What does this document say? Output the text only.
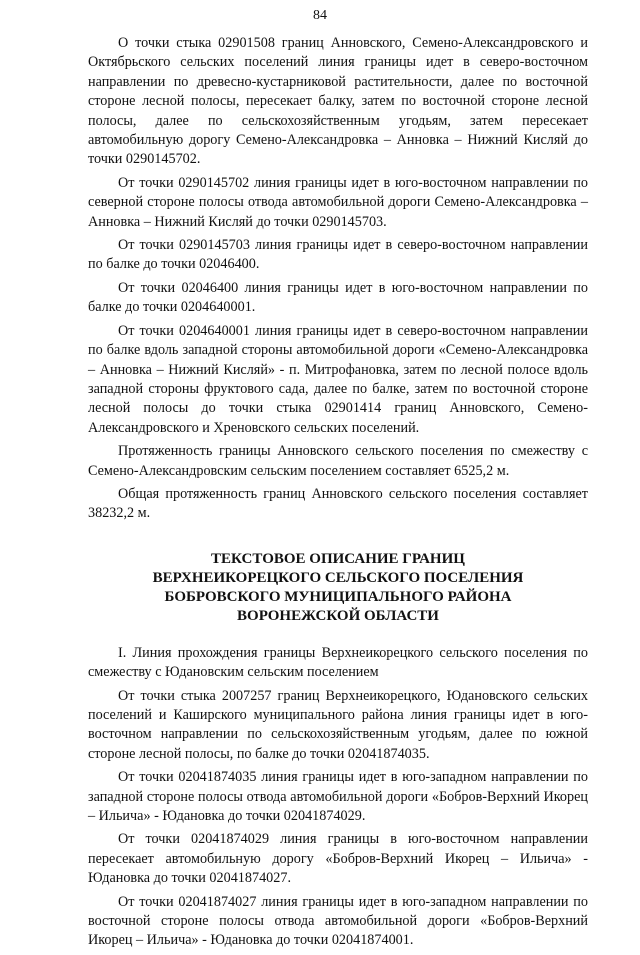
84

О точки стыка 02901508 границ Анновского, Семено-Александровского и Октябрьского сельских поселений линия границы идет в северо-восточном направлении по древесно-кустарниковой растительности, далее по восточной стороне лесной полосы, пересекает балку, затем по восточной стороне лесной полосы, далее по сельскохозяйственным угодьям, затем пересекает автомобильную дорогу Семено-Александровка – Анновка – Нижний Кисляй до точки 0290145702.

От точки 0290145702 линия границы идет в юго-восточном направлении по северной стороне полосы отвода автомобильной дороги Семено-Александровка – Анновка – Нижний Кисляй до точки 0290145703.

От точки 0290145703 линия границы идет в северо-восточном направлении по балке до точки 02046400.

От точки 02046400 линия границы идет в юго-восточном направлении по балке до точки 0204640001.

От точки 0204640001 линия границы идет в северо-восточном направлении по балке вдоль западной стороны автомобильной дороги «Семено-Александровка – Анновка – Нижний Кисляй» - п. Митрофановка, затем по лесной полосе вдоль западной стороны фруктового сада, далее по балке, затем по восточной стороне лесной полосы до точки стыка 02901414 границ Анновского, Семено-Александровского и Хреновского сельских поселений.

Протяженность границы Анновского сельского поселения по смежеству с Семено-Александровским сельским поселением составляет 6525,2 м.

Общая протяженность границ Анновского сельского поселения составляет 38232,2 м.

ТЕКСТОВОЕ ОПИСАНИЕ ГРАНИЦ
ВЕРХНЕИКОРЕЦКОГО СЕЛЬСКОГО ПОСЕЛЕНИЯ
БОБРОВСКОГО МУНИЦИПАЛЬНОГО РАЙОНА
ВОРОНЕЖСКОЙ ОБЛАСТИ

I. Линия прохождения границы Верхнеикорецкого сельского поселения по смежеству с Юдановским сельским поселением

От точки стыка 2007257 границ Верхнеикорецкого, Юдановского сельских поселений и Каширского муниципального района линия границы идет в юго-восточном направлении по сельскохозяйственным угодьям, далее по южной стороне лесной полосы, по балке до точки 02041874035.

От точки 02041874035 линия границы идет в юго-западном направлении по западной стороне полосы отвода автомобильной дороги «Бобров-Верхний Икорец – Ильича» - Юдановка до точки 02041874029.

От точки 02041874029 линия границы в юго-восточном направлении пересекает автомобильную дорогу «Бобров-Верхний Икорец – Ильича» - Юдановка до точки 02041874027.

От точки 02041874027 линия границы идет в юго-западном направлении по восточной стороне полосы отвода автомобильной дороги «Бобров-Верхний Икорец – Ильича» - Юдановка до точки 02041874001.
